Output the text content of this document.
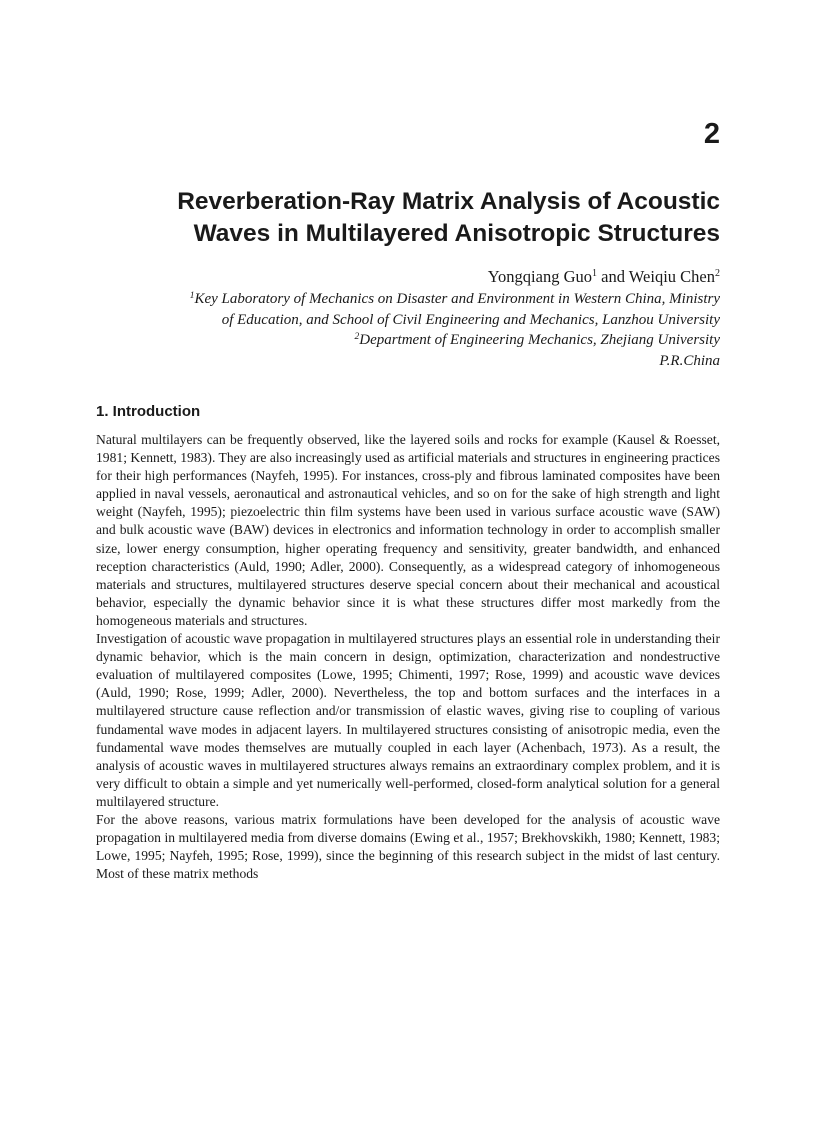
2
Reverberation-Ray Matrix Analysis of Acoustic
Waves in Multilayered Anisotropic Structures
Yongqiang Guo$^1$ and Weiqiu Chen$^2$
$^1$Key Laboratory of Mechanics on Disaster and Environment in Western China, Ministry
of Education, and School of Civil Engineering and Mechanics, Lanzhou University
$^2$Department of Engineering Mechanics, Zhejiang University
P.R.China
1. Introduction

Natural multilayers can be frequently observed, like the layered soils and rocks for example (Kausel & Roesset, 1981; Kennett, 1983). They are also increasingly used as artificial materials and structures in engineering practices for their high performances (Nayfeh, 1995). For instances, cross-ply and fibrous laminated composites have been applied in naval vessels, aeronautical and astronautical vehicles, and so on for the sake of high strength and light weight (Nayfeh, 1995); piezoelectric thin film systems have been used in various surface acoustic wave (SAW) and bulk acoustic wave (BAW) devices in electronics and information technology in order to accomplish smaller size, lower energy consumption, higher operating frequency and sensitivity, greater bandwidth, and enhanced reception characteristics (Auld, 1990; Adler, 2000). Consequently, as a widespread category of inhomogeneous materials and structures, multilayered structures deserve special concern about their mechanical and acoustical behavior, especially the dynamic behavior since it is what these structures differ most markedly from the homogeneous materials and structures.

Investigation of acoustic wave propagation in multilayered structures plays an essential role in understanding their dynamic behavior, which is the main concern in design, optimization, characterization and nondestructive evaluation of multilayered composites (Lowe, 1995; Chimenti, 1997; Rose, 1999) and acoustic wave devices (Auld, 1990; Rose, 1999; Adler, 2000). Nevertheless, the top and bottom surfaces and the interfaces in a multilayered structure cause reflection and/or transmission of elastic waves, giving rise to coupling of various fundamental wave modes in adjacent layers. In multilayered structures consisting of anisotropic media, even the fundamental wave modes themselves are mutually coupled in each layer (Achenbach, 1973). As a result, the analysis of acoustic waves in multilayered structures always remains an extraordinary complex problem, and it is very difficult to obtain a simple and yet numerically well-performed, closed-form analytical solution for a general multilayered structure.

For the above reasons, various matrix formulations have been developed for the analysis of acoustic wave propagation in multilayered media from diverse domains (Ewing et al., 1957; Brekhovskikh, 1980; Kennett, 1983; Lowe, 1995; Nayfeh, 1995; Rose, 1999), since the beginning of this research subject in the midst of last century. Most of these matrix methods
